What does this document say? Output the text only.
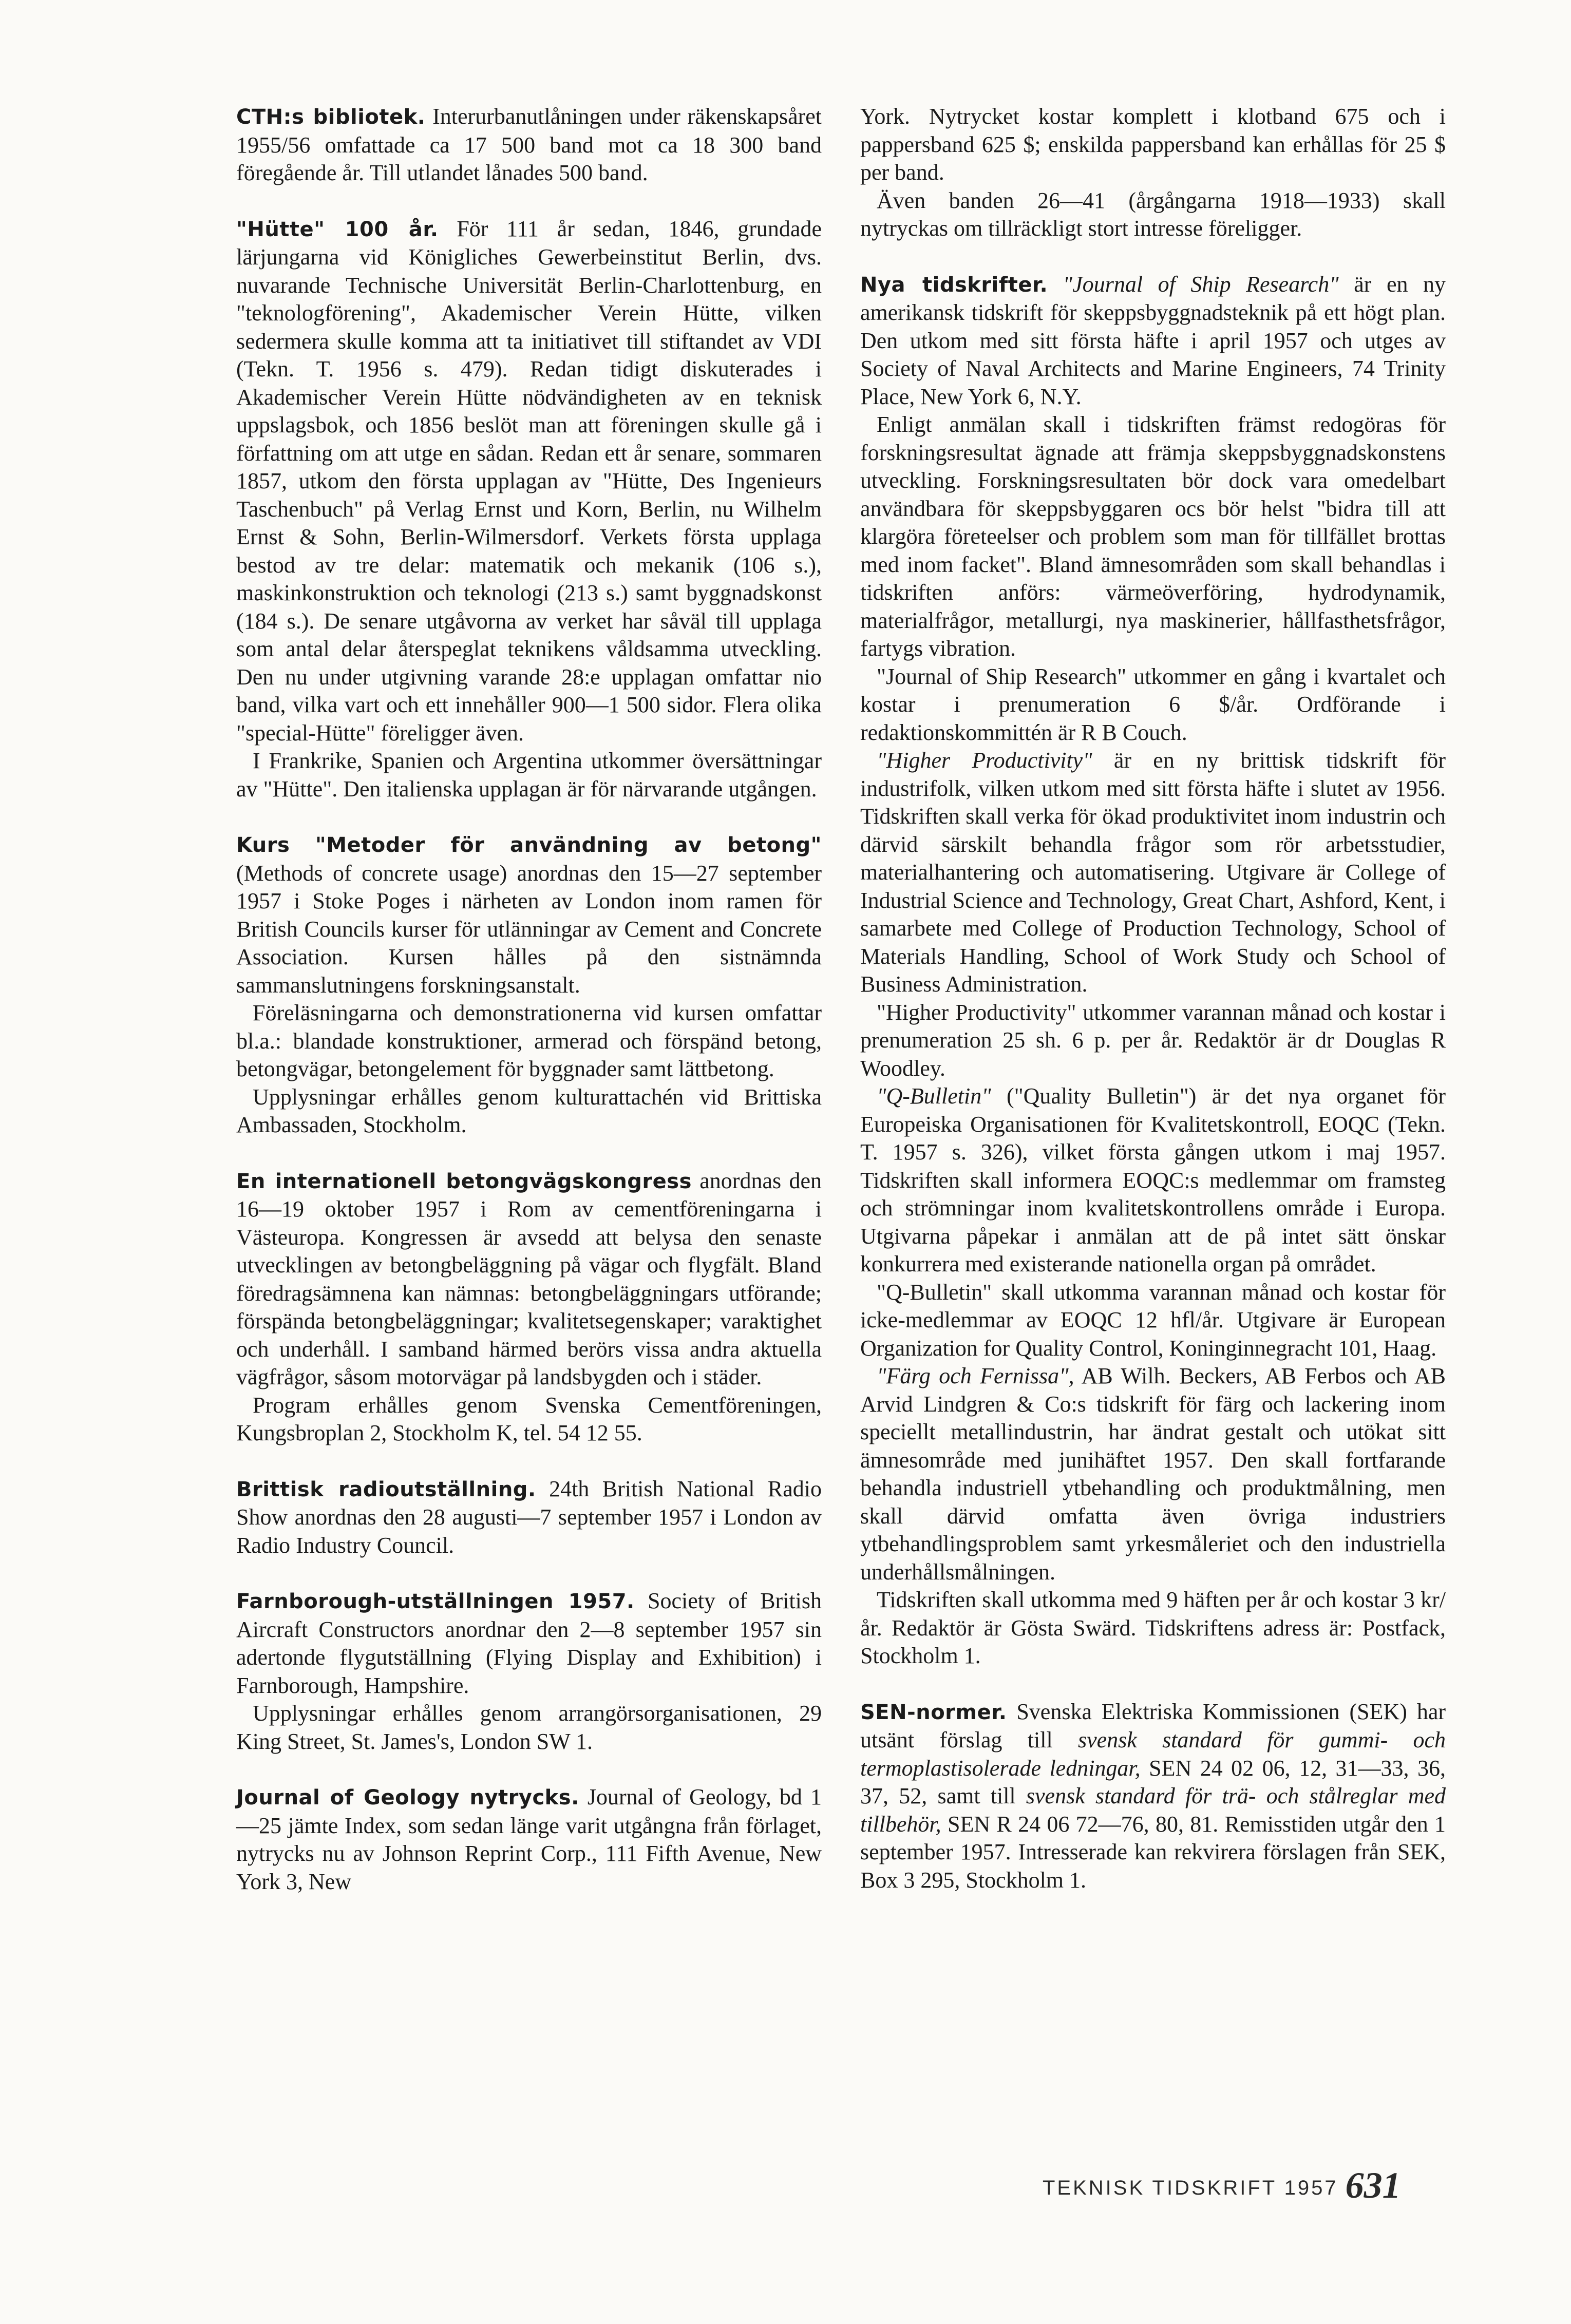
CTH:s bibliotek. Interurbanutlåningen under räkenskapsåret 1955/56 omfattade ca 17 500 band mot ca 18 300 band föregående år. Till utlandet lånades 500 band.

"Hütte" 100 år. För 111 år sedan, 1846, grundade lärjungarna vid Königliches Gewerbeinstitut Berlin, dvs. nuvarande Technische Universität Berlin-Charlottenburg, en "teknologförening", Akademischer Verein Hütte, vilken sedermera skulle komma att ta initiativet till stiftandet av VDI (Tekn. T. 1956 s. 479). Redan tidigt diskuterades i Akademischer Verein Hütte nödvändigheten av en teknisk uppslagsbok, och 1856 beslöt man att föreningen skulle gå i författning om att utge en sådan. Redan ett år senare, sommaren 1857, utkom den första upplagan av "Hütte, Des Ingenieurs Taschenbuch" på Verlag Ernst und Korn, Berlin, nu Wilhelm Ernst & Sohn, Berlin-Wilmersdorf. Verkets första upplaga bestod av tre delar: matematik och mekanik (106 s.), maskinkonstruktion och teknologi (213 s.) samt byggnadskonst (184 s.). De senare utgåvorna av verket har såväl till upplaga som antal delar återspeglat teknikens våldsamma utveckling. Den nu under utgivning varande 28:e upplagan omfattar nio band, vilka vart och ett innehåller 900—1 500 sidor. Flera olika "special-Hütte" föreligger även.

I Frankrike, Spanien och Argentina utkommer översättningar av "Hütte". Den italienska upplagan är för närvarande utgången.

Kurs "Metoder för användning av betong" (Methods of concrete usage) anordnas den 15—27 september 1957 i Stoke Poges i närheten av London inom ramen för British Councils kurser för utlänningar av Cement and Concrete Association. Kursen hålles på den sistnämnda sammanslutningens forskningsanstalt.

Föreläsningarna och demonstrationerna vid kursen omfattar bl.a.: blandade konstruktioner, armerad och förspänd betong, betongvägar, betongelement för byggnader samt lättbetong.

Upplysningar erhålles genom kulturattachén vid Brittiska Ambassaden, Stockholm.

En internationell betongvägskongress anordnas den 16—19 oktober 1957 i Rom av cementföreningarna i Västeuropa. Kongressen är avsedd att belysa den senaste utvecklingen av betongbeläggning på vägar och flygfält. Bland föredragsämnena kan nämnas: betongbeläggningars utförande; förspända betongbeläggningar; kvalitetsegenskaper; varaktighet och underhåll. I samband härmed berörs vissa andra aktuella vägfrågor, såsom motorvägar på landsbygden och i städer.

Program erhålles genom Svenska Cementföreningen, Kungsbroplan 2, Stockholm K, tel. 54 12 55.

Brittisk radioutställning. 24th British National Radio Show anordnas den 28 augusti—7 september 1957 i London av Radio Industry Council.

Farnborough-utställningen 1957. Society of British Aircraft Constructors anordnar den 2—8 september 1957 sin adertonde flygutställning (Flying Display and Exhibition) i Farnborough, Hampshire.

Upplysningar erhålles genom arrangörsorganisationen, 29 King Street, St. James's, London SW 1.

Journal of Geology nytrycks. Journal of Geology, bd 1—25 jämte Index, som sedan länge varit utgångna från förlaget, nytrycks nu av Johnson Reprint Corp., 111 Fifth Avenue, New York 3, New

York. Nytrycket kostar komplett i klotband 675 och i pappersband 625 $; enskilda pappersband kan erhållas för 25 $ per band.

Även banden 26—41 (årgångarna 1918—1933) skall nytryckas om tillräckligt stort intresse föreligger.

Nya tidskrifter. "Journal of Ship Research" är en ny amerikansk tidskrift för skeppsbyggnadsteknik på ett högt plan. Den utkom med sitt första häfte i april 1957 och utges av Society of Naval Architects and Marine Engineers, 74 Trinity Place, New York 6, N.Y.

Enligt anmälan skall i tidskriften främst redogöras för forskningsresultat ägnade att främja skeppsbyggnadskonstens utveckling. Forskningsresultaten bör dock vara omedelbart användbara för skeppsbyggaren ocs bör helst "bidra till att klargöra företeelser och problem som man för tillfället brottas med inom facket". Bland ämnesområden som skall behandlas i tidskriften anförs: värmeöverföring, hydrodynamik, materialfrågor, metallurgi, nya maskinerier, hållfasthetsfrågor, fartygs vibration.

"Journal of Ship Research" utkommer en gång i kvartalet och kostar i prenumeration 6 $/år. Ordförande i redaktionskommittén är R B Couch.

"Higher Productivity" är en ny brittisk tidskrift för industrifolk, vilken utkom med sitt första häfte i slutet av 1956. Tidskriften skall verka för ökad produktivitet inom industrin och därvid särskilt behandla frågor som rör arbetsstudier, materialhantering och automatisering. Utgivare är College of Industrial Science and Technology, Great Chart, Ashford, Kent, i samarbete med College of Production Technology, School of Materials Handling, School of Work Study och School of Business Administration.

"Higher Productivity" utkommer varannan månad och kostar i prenumeration 25 sh. 6 p. per år. Redaktör är dr Douglas R Woodley.

"Q-Bulletin" ("Quality Bulletin") är det nya organet för Europeiska Organisationen för Kvalitetskontroll, EOQC (Tekn. T. 1957 s. 326), vilket första gången utkom i maj 1957. Tidskriften skall informera EOQC:s medlemmar om framsteg och strömningar inom kvalitetskontrollens område i Europa. Utgivarna påpekar i anmälan att de på intet sätt önskar konkurrera med existerande nationella organ på området.

"Q-Bulletin" skall utkomma varannan månad och kostar för icke-medlemmar av EOQC 12 hfl/år. Utgivare är European Organization for Quality Control, Koninginnegracht 101, Haag.

"Färg och Fernissa", AB Wilh. Beckers, AB Ferbos och AB Arvid Lindgren & Co:s tidskrift för färg och lackering inom speciellt metallindustrin, har ändrat gestalt och utökat sitt ämnesområde med junihäftet 1957. Den skall fortfarande behandla industriell ytbehandling och produktmålning, men skall därvid omfatta även övriga industriers ytbehandlingsproblem samt yrkesmåleriet och den industriella underhållsmålningen.

Tidskriften skall utkomma med 9 häften per år och kostar 3 kr/år. Redaktör är Gösta Swärd. Tidskriftens adress är: Postfack, Stockholm 1.

SEN-normer. Svenska Elektriska Kommissionen (SEK) har utsänt förslag till svensk standard för gummi- och termoplastisolerade ledningar, SEN 24 02 06, 12, 31—33, 36, 37, 52, samt till svensk standard för trä- och stålreglar med tillbehör, SEN R 24 06 72—76, 80, 81. Remisstiden utgår den 1 september 1957. Intresserade kan rekvirera förslagen från SEK, Box 3 295, Stockholm 1.

TEKNISK TIDSKRIFT 1957 631
